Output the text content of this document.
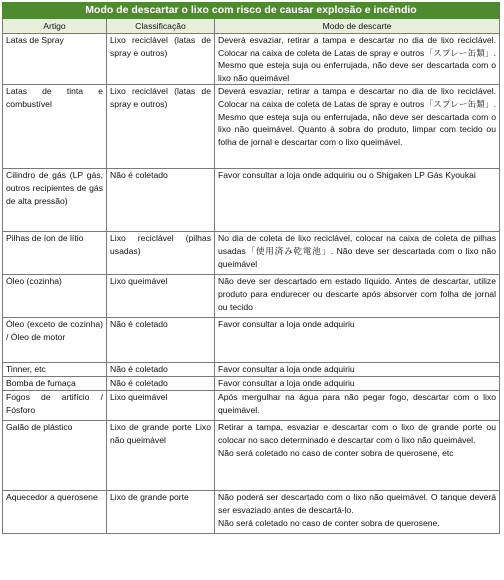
Modo de descartar o lixo com risco de causar explosão e incêndio		
Artigo	Classificação	Modo de descarte
Latas de Spray	Lixo reciclável (latas de spray e outros)	Deverá esvaziar, retirar a tampa e descartar no dia de lixo reciclável. Colocar na caixa de coleta de Latas de spray e outros「スプレー缶類」. Mesmo que esteja suja ou enferrujada, não deve ser descartada com o lixo não queimável
Latas de tinta e combustível	Lixo reciclável (latas de spray e outros)	Deverá esvaziar, retirar a tampa e descartar no dia de lixo reciclável. Colocar na caixa de coleta de Latas de spray e outros「スプレー缶類」. Mesmo que esteja suja ou enferrujada, não deve ser descartada com o lixo não queimável. Quanto à sobra do produto, limpar com tecido ou folha de jornal e descartar com o lixo queimável.
Cilindro de gás (LP gás, outros recipientes de gás de alta pressão)	Não é coletado	Favor consultar a loja onde adquiriu ou o Shigaken LP Gás Kyoukai
Pilhas de íon de lítio	Lixo reciclável (pilhas usadas)	No dia de coleta de lixo reciclável, colocar na caixa de coleta de pilhas usadas「使用済み乾電池」. Não deve ser descartada com o lixo não queimável
Óleo (cozinha)	Lixo queimável	Não deve ser descartado em estado líquido. Antes de descartar, utilize produto para endurecer ou descarte após absorver com folha de jornal ou tecido
Óleo (exceto de cozinha) / Óleo de motor	Não é coletado	Favor consultar a loja onde adquiriu
Tinner, etc	Não é coletado	Favor consultar a loja onde adquiriu
Bomba de fumaça	Não é coletado	Favor consultar a loja onde adquiriu
Fogos de artifício / Fósforo	Lixo queimável	Após mergulhar na água para não pegar fogo, descartar com o lixo queimável.
Galão de plástico	Lixo de grande porte Lixo não queimável	Retirar a tampa, esvaziar e descartar com o lixo de grande porte ou colocar no saco determinado e descartar com o lixo não queimável.
Não será coletado no caso de conter sobra de querosene, etc

Aquecedor a querosene	Lixo de grande porte	Não poderá ser descartado com o lixo não queimável. O tanque deverá ser esvaziado antes de descartá-lo.
Não será coletado no caso de conter sobra de querosene.
